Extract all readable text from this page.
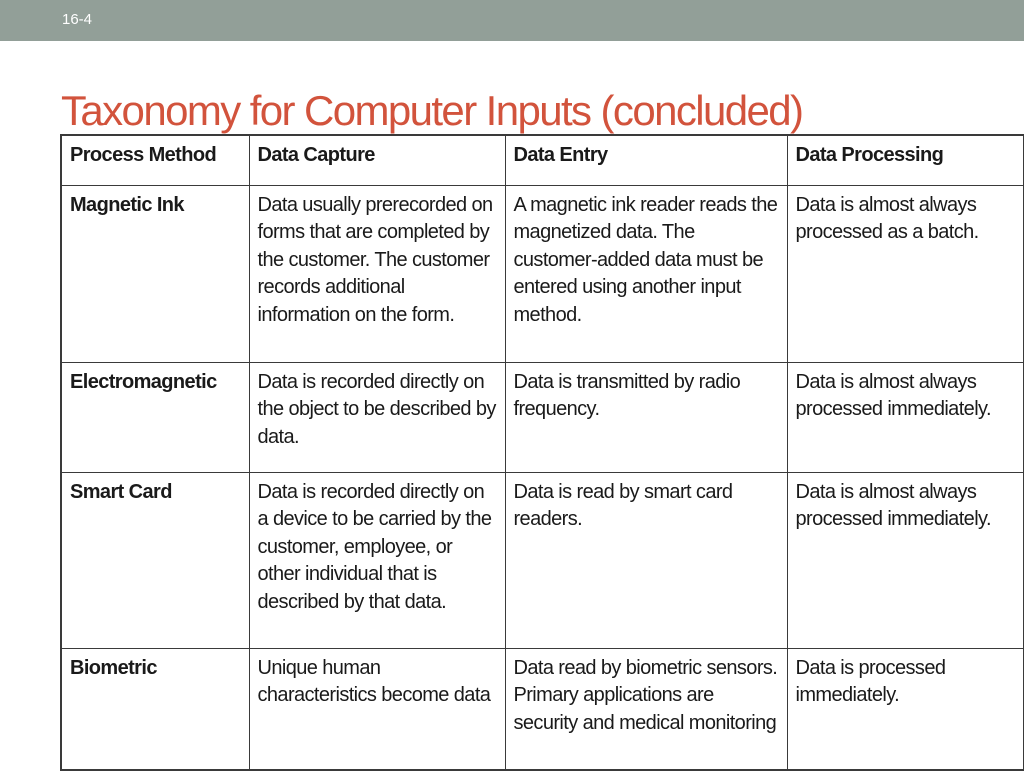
16-4
Taxonomy for Computer Inputs (concluded)
Process Method	Data Capture	Data Entry	Data Processing
Magnetic Ink	Data usually prerecorded on forms that are completed by the customer. The customer records additional information on the form.	A magnetic ink reader reads the magnetized data. The customer-added data must be entered using another input method.	Data is almost always processed as a batch.
Electromagnetic	Data is recorded directly on the object to be described by data.	Data is transmitted by radio frequency.	Data is almost always processed immediately.
Smart Card	Data is recorded directly on a device to be carried by the customer, employee, or other individual that is described by that data.	Data is read by smart card readers.	Data is almost always processed immediately.
Biometric	Unique human characteristics become data	Data read by biometric sensors. Primary applications are security and medical monitoring	Data is processed immediately.
